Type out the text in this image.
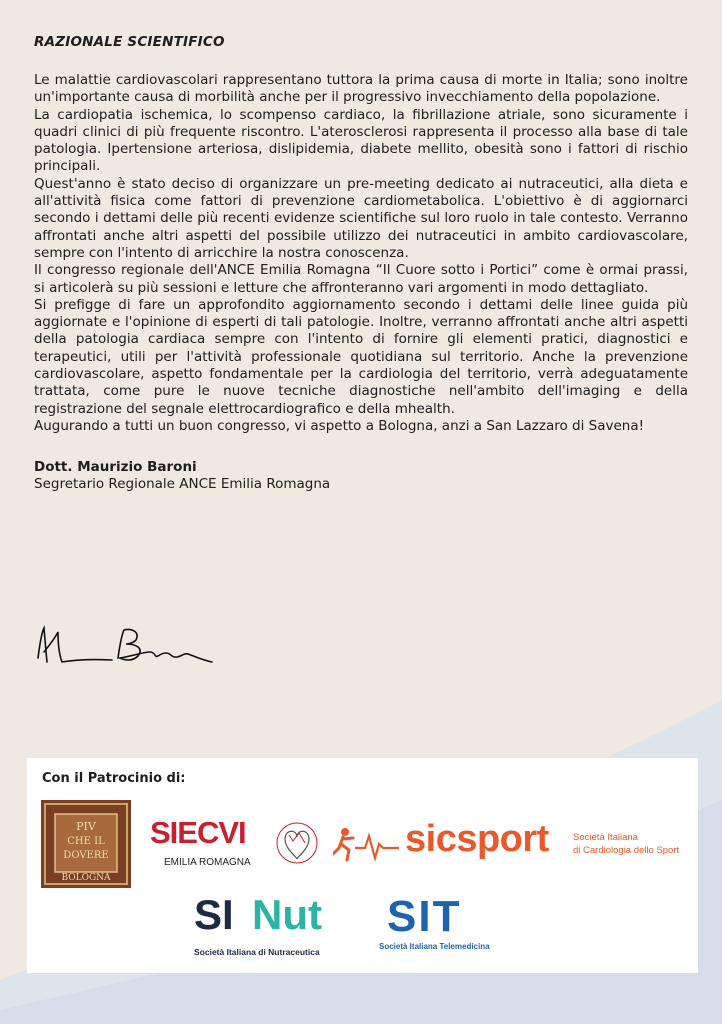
RAZIONALE SCIENTIFICO

Le malattie cardiovascolari rappresentano tuttora la prima causa di morte in Italia; sono inoltre un'importante causa di morbilità anche per il progressivo invecchiamento della popolazione.

La cardiopatia ischemica, lo scompenso cardiaco, la fibrillazione atriale, sono sicuramente i quadri clinici di più frequente riscontro. L'aterosclerosi rappresenta il processo alla base di tale patologia. Ipertensione arteriosa, dislipidemia, diabete mellito, obesità sono i fattori di rischio principali.

Quest'anno è stato deciso di organizzare un pre-meeting dedicato ai nutraceutici, alla dieta e all'attività fisica come fattori di prevenzione cardiometabolica. L'obiettivo è di aggiornarci secondo i dettami delle più recenti evidenze scientifiche sul loro ruolo in tale contesto. Verranno affrontati anche altri aspetti del possibile utilizzo dei nutraceutici in ambito cardiovascolare, sempre con l'intento di arricchire la nostra conoscenza.

Il congresso regionale dell'ANCE Emilia Romagna “Il Cuore sotto i Portici” come è ormai prassi, si articolerà su più sessioni e letture che affronteranno vari argomenti in modo dettagliato.

Si prefigge di fare un approfondito aggiornamento secondo i dettami delle linee guida più aggiornate e l'opinione di esperti di tali patologie. Inoltre, verranno affrontati anche altri aspetti della patologia cardiaca sempre con l'intento di fornire gli elementi pratici, diagnostici e terapeutici, utili per l'attività professionale quotidiana sul territorio. Anche la prevenzione cardiovascolare, aspetto fondamentale per la cardiologia del territorio, verrà adeguatamente trattata, come pure le nuove tecniche diagnostiche nell'ambito dell'imaging e della registrazione del segnale elettrocardiografico e della mhealth.

Augurando a tutti un buon congresso, vi aspetto a Bologna, anzi a San Lazzaro di Savena!

Dott. Maurizio Baroni

Segretario Regionale ANCE Emilia Romagna

Con il Patrocinio di:

PIV
CHE IL
DOVERE
BOLOGNA
SIECVI
EMILIA ROMAGNA
sicsport	Società Italiana
di Cardiologia dello Sport
SI Nut
Società Italiana di Nutraceutica
SIT
Società Italiana Telemedicina
